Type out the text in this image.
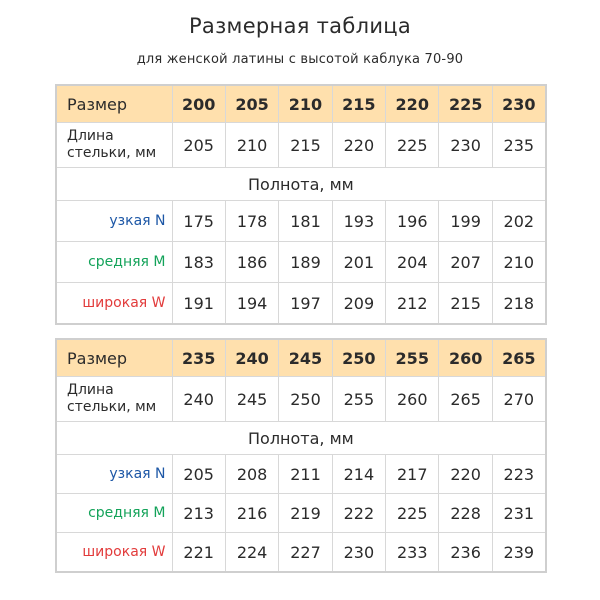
Размерная таблица
для женской латины с высотой каблука 70-90
Размер	200	205	210	215	220	225	230
Длина стельки, мм	205	210	215	220	225	230	235
Полнота, мм							
узкая N	175	178	181	193	196	199	202
средняя M	183	186	189	201	204	207	210
широкая W	191	194	197	209	212	215	218
Размер	235	240	245	250	255	260	265
Длина стельки, мм	240	245	250	255	260	265	270
Полнота, мм							
узкая N	205	208	211	214	217	220	223
средняя M	213	216	219	222	225	228	231
широкая W	221	224	227	230	233	236	239
